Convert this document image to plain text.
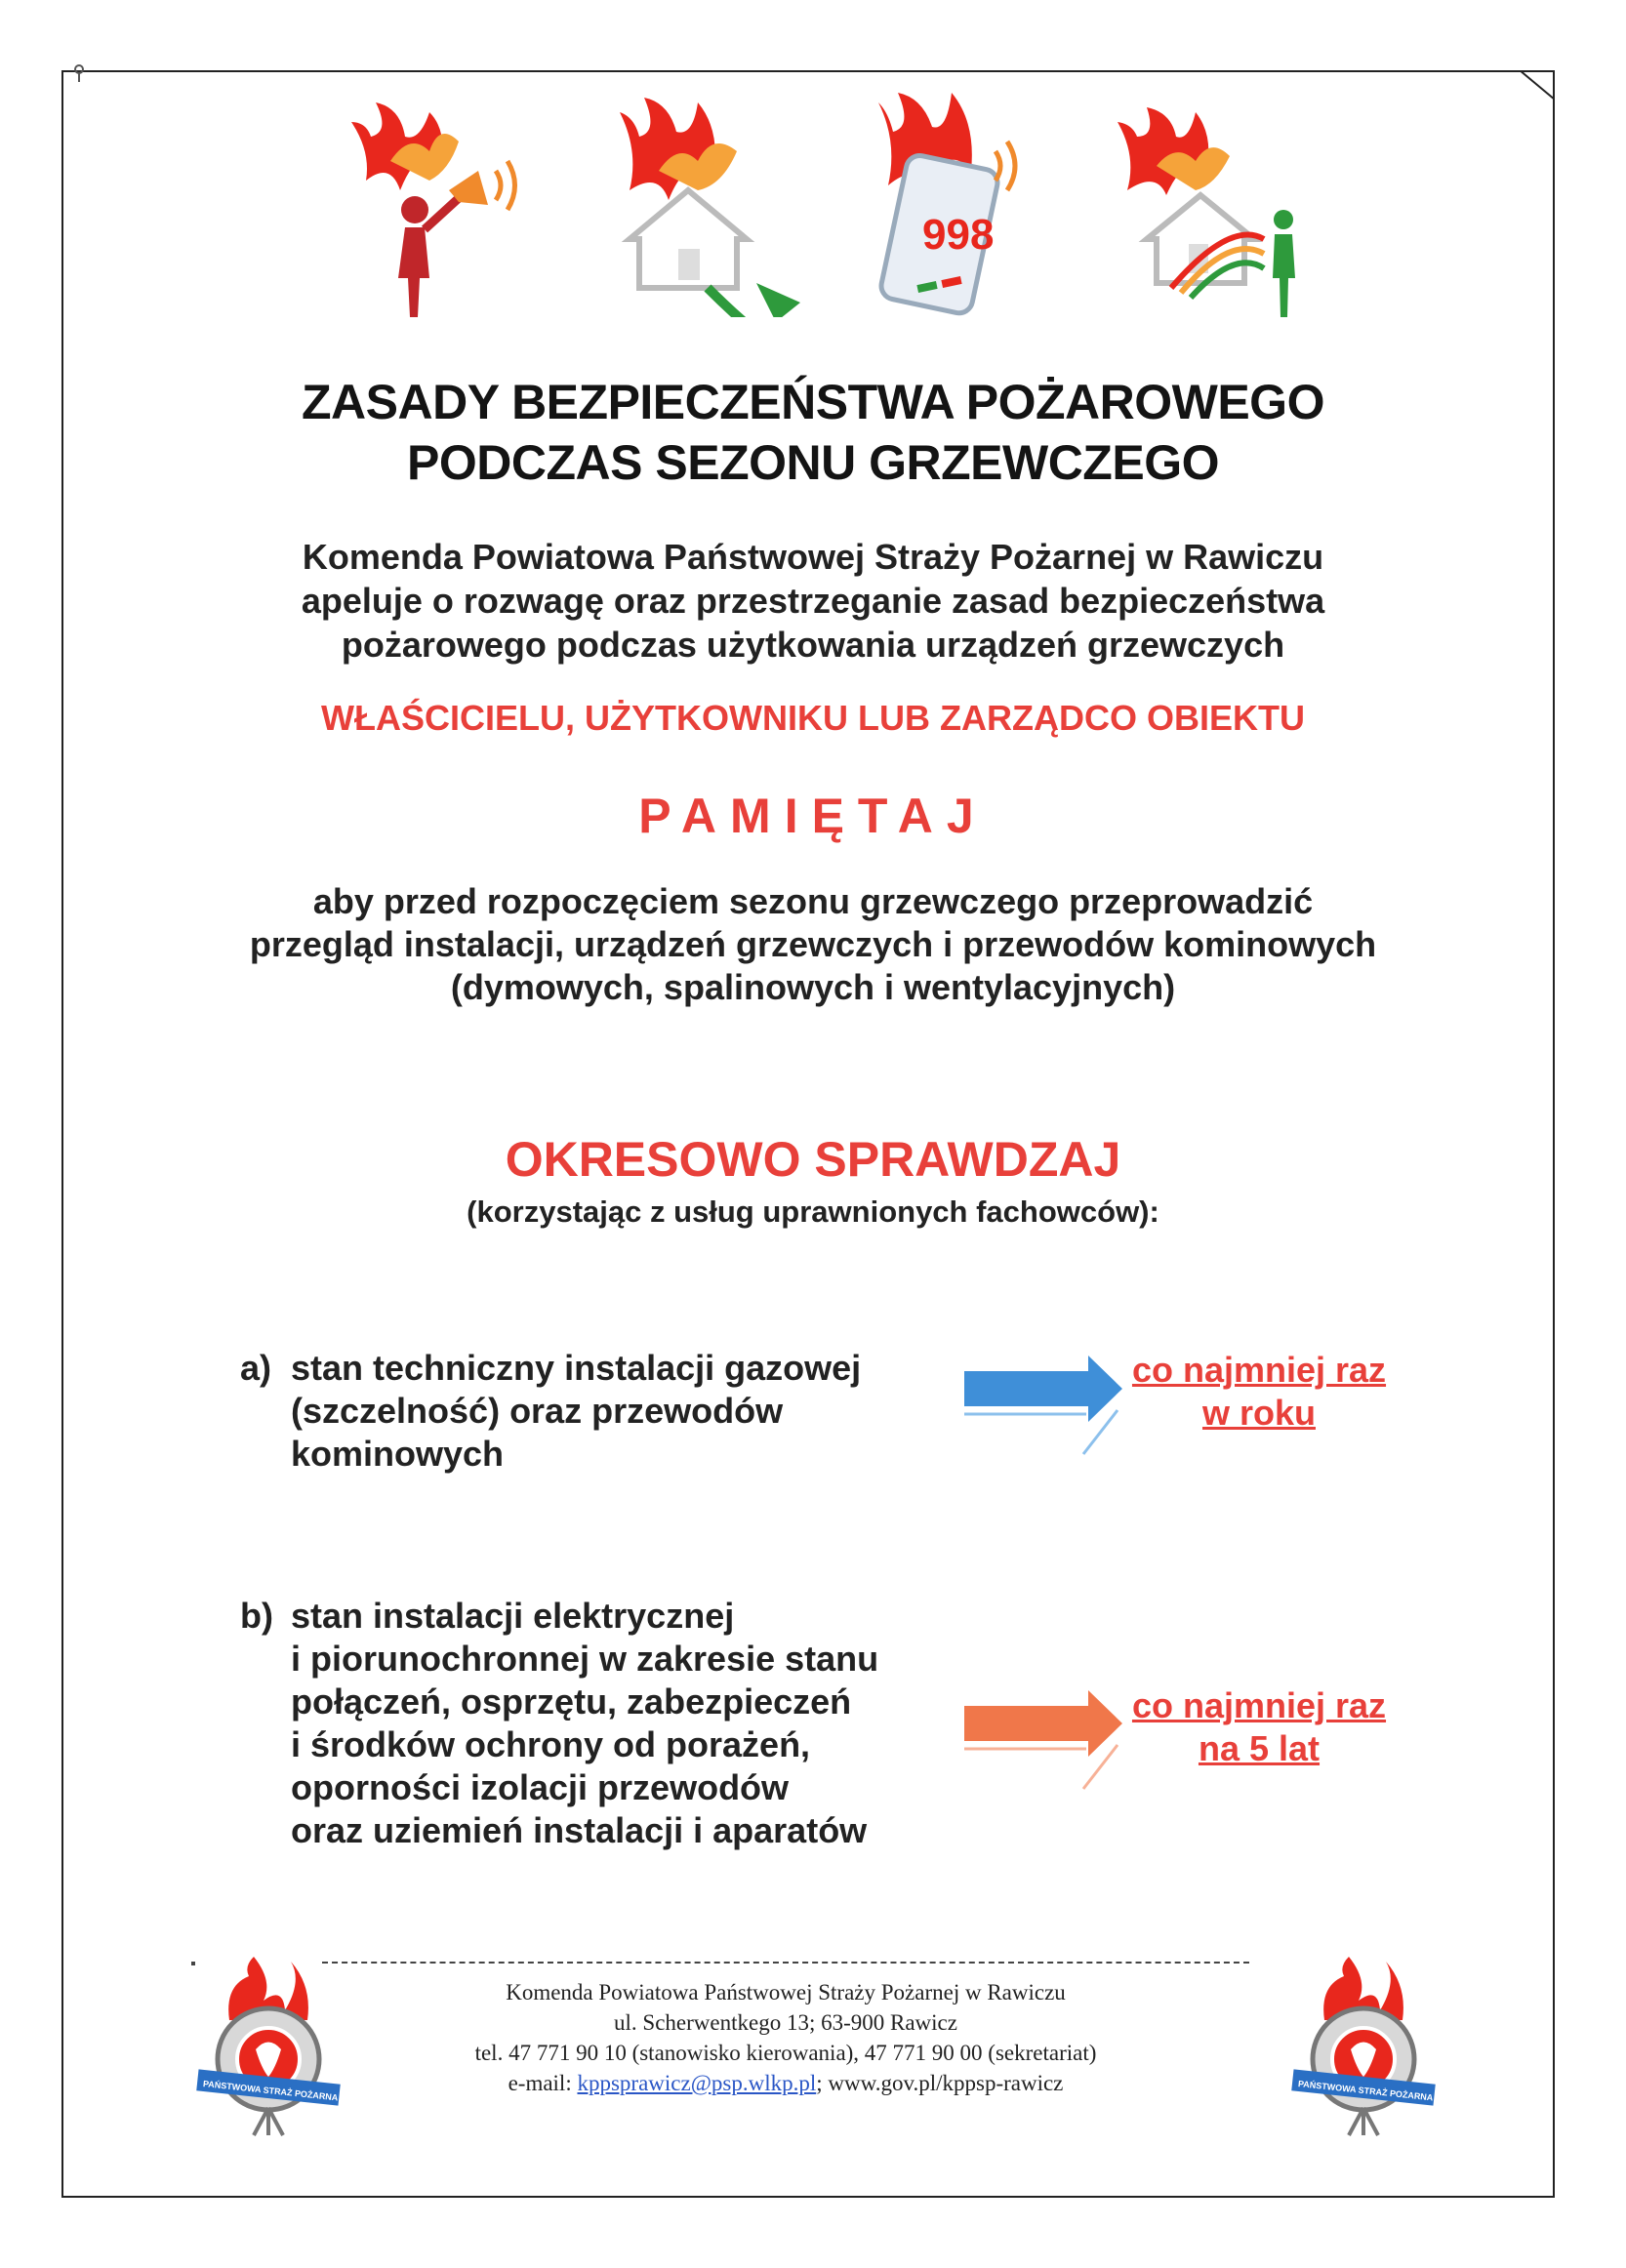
998
ZASADY BEZPIECZEŃSTWA POŻAROWEGO
PODCZAS SEZONU GRZEWCZEGO
Komenda Powiatowa Państwowej Straży Pożarnej w Rawiczu
apeluje o rozwagę oraz przestrzeganie zasad bezpieczeństwa
pożarowego podczas użytkowania urządzeń grzewczych
WŁAŚCICIELU, UŻYTKOWNIKU LUB ZARZĄDCO OBIEKTU
PAMIĘTAJ
aby przed rozpoczęciem sezonu grzewczego przeprowadzić
przegląd instalacji, urządzeń grzewczych i przewodów kominowych
(dymowych, spalinowych i wentylacyjnych)
OKRESOWO SPRAWDZAJ
(korzystając z usług uprawnionych fachowców):
a) stan techniczny instalacji gazowej
(szczelność) oraz przewodów
kominowych
co najmniej raz
w roku
b) stan instalacji elektrycznej
i piorunochronnej w zakresie stanu
połączeń, osprzętu, zabezpieczeń
i środków ochrony od porażeń,
oporności izolacji przewodów
oraz uziemień instalacji i aparatów
co najmniej raz
na 5 lat
PAŃSTWOWA STRAŻ POŻARNA
Komenda Powiatowa Państwowej Straży Pożarnej w Rawiczu
ul. Scherwentkego 13; 63-900 Rawicz
tel. 47 771 90 10 (stanowisko kierowania), 47 771 90 00 (sekretariat)
e-mail: kppsprawicz@psp.wlkp.pl; www.gov.pl/kppsp-rawicz	PAŃSTWOWA STRAŻ POŻARNA
